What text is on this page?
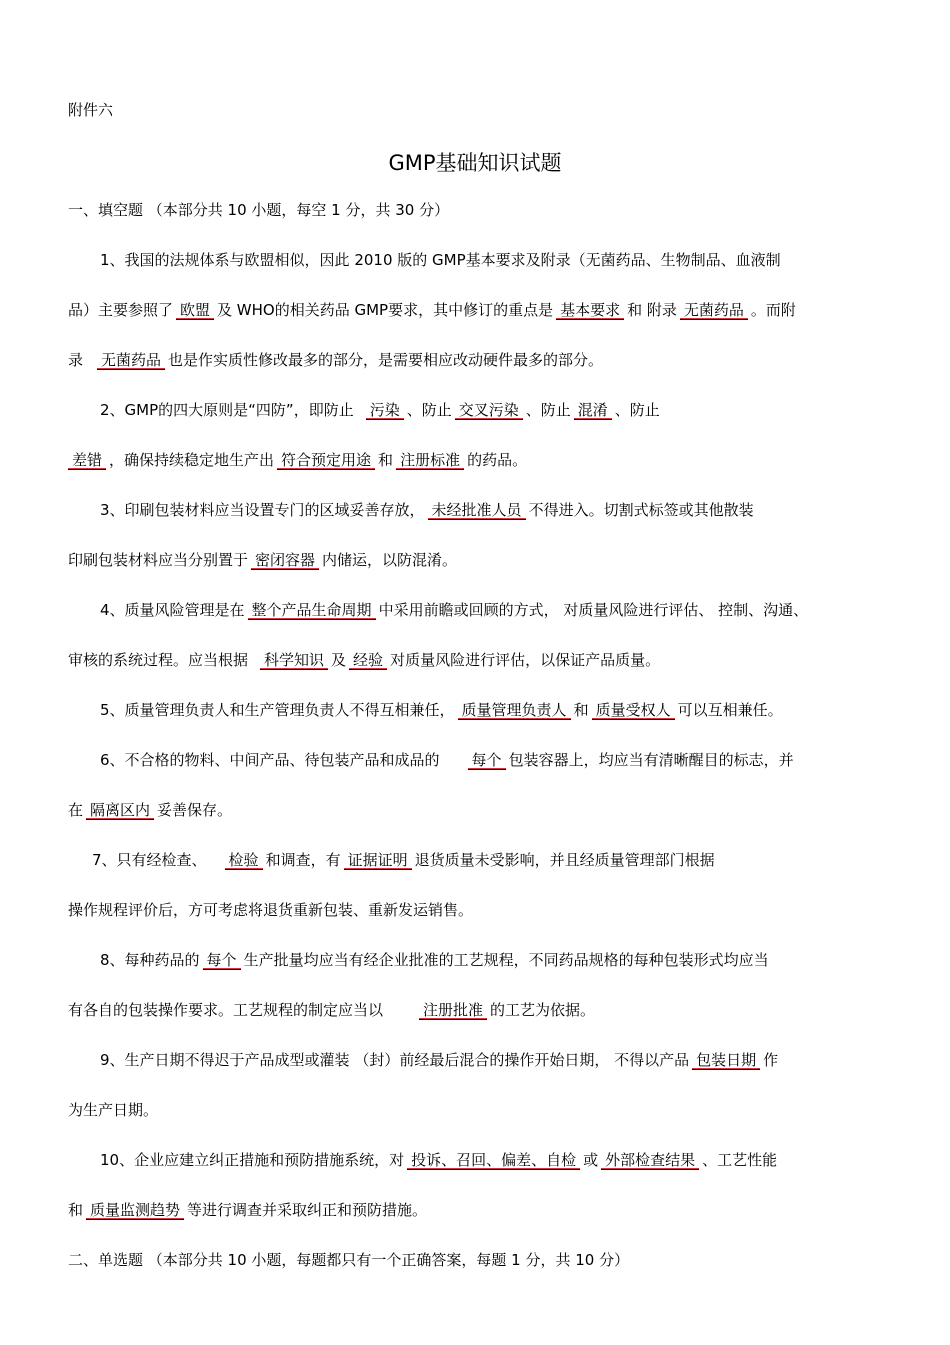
附件六
GMP基础知识试题
一、填空题 （本部分共 10 小题，每空 1 分，共 30 分）
1、我国的法规体系与欧盟相似，因此 2010 版的 GMP基本要求及附录（无菌药品、生物制品、血液制
品）主要参照了 欧盟 及 WHO的相关药品 GMP要求，其中修订的重点是 基本要求 和 附录 无菌药品 。而附
录 无菌药品 也是作实质性修改最多的部分，是需要相应改动硬件最多的部分。
2、GMP的四大原则是“四防”，即防止 污染 、防止 交叉污染 、防止 混淆 、防止
差错 ，确保持续稳定地生产出 符合预定用途 和 注册标准 的药品。
3、印刷包装材料应当设置专门的区域妥善存放， 未经批准人员 不得进入。切割式标签或其他散装
印刷包装材料应当分别置于 密闭容器 内储运，以防混淆。
4、质量风险管理是在 整个产品生命周期 中采用前瞻或回顾的方式， 对质量风险进行评估、 控制、沟通、
审核的系统过程。应当根据 科学知识 及 经验 对质量风险进行评估，以保证产品质量。
5、质量管理负责人和生产管理负责人不得互相兼任， 质量管理负责人 和 质量受权人 可以互相兼任。
6、不合格的物料、中间产品、待包装产品和成品的 每个 包装容器上，均应当有清晰醒目的标志，并
在 隔离区内 妥善保存。
7、只有经检查、 检验 和调查，有 证据证明 退货质量未受影响，并且经质量管理部门根据
操作规程评价后，方可考虑将退货重新包装、重新发运销售。
8、每种药品的 每个 生产批量均应当有经企业批准的工艺规程，不同药品规格的每种包装形式均应当
有各自的包装操作要求。工艺规程的制定应当以	注册批准 的工艺为依据。
9、生产日期不得迟于产品成型或灌装 （封）前经最后混合的操作开始日期， 不得以产品 包装日期 作
为生产日期。
10、企业应建立纠正措施和预防措施系统，对 投诉、召回、偏差、自检 或 外部检查结果 、工艺性能
和 质量监测趋势 等进行调查并采取纠正和预防措施。
二、单选题 （本部分共 10 小题，每题都只有一个正确答案，每题 1 分，共 10 分）
